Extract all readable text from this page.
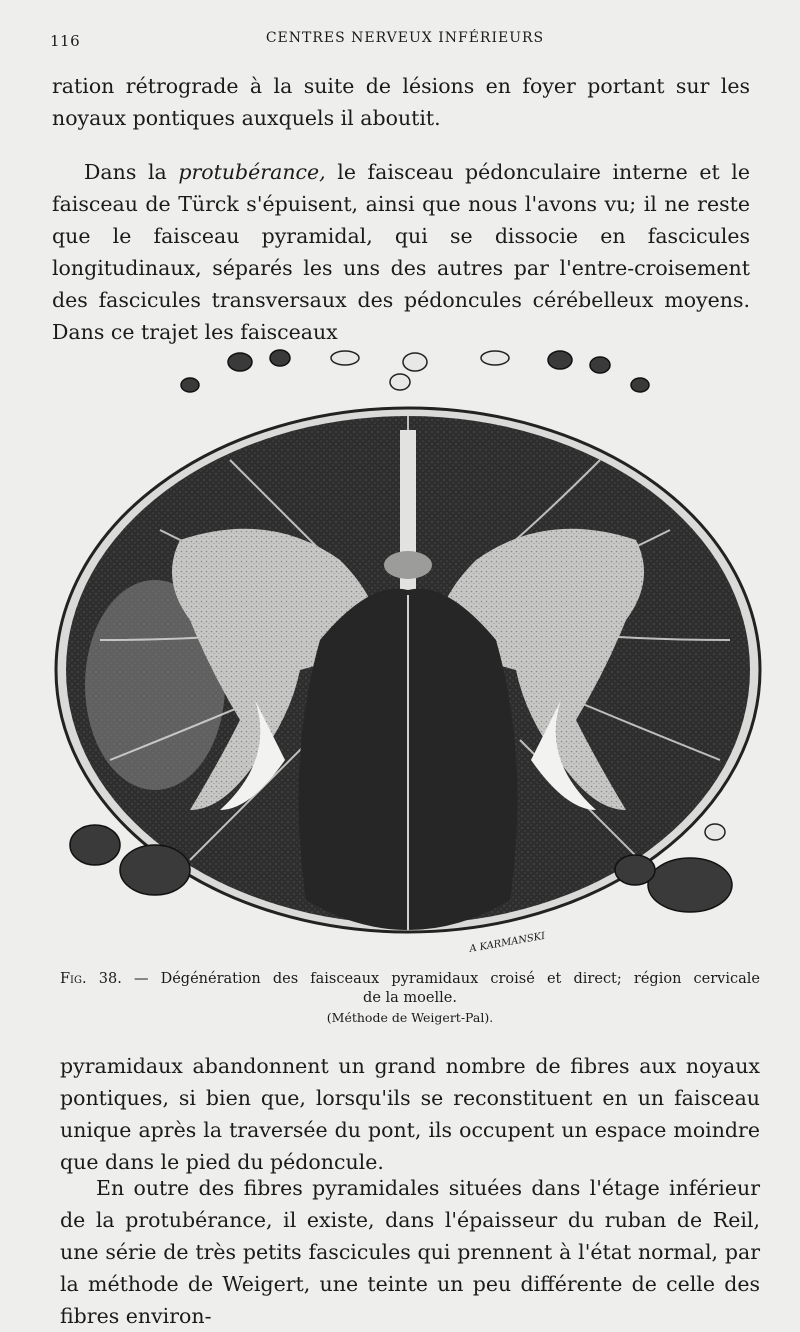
116	CENTRES NERVEUX INFÉRIEURS

ration rétrograde à la suite de lésions en foyer portant sur les noyaux pontiques auxquels il aboutit.

Dans la protubérance, le faisceau pédonculaire interne et le faisceau de Türck s'épuisent, ainsi que nous l'avons vu; il ne reste que le faisceau pyramidal, qui se dissocie en fascicules longitudinaux, séparés les uns des autres par l'entre-croisement des fascicules transversaux des pédoncules cérébelleux moyens. Dans ce trajet les faisceaux

A KARMANSKI
Fig. 38. — Dégénération des faisceaux pyramidaux croisé et direct; région cervicale
de la moelle.
(Méthode de Weigert-Pal).

pyramidaux abandonnent un grand nombre de fibres aux noyaux pontiques, si bien que, lorsqu'ils se reconstituent en un faisceau unique après la traversée du pont, ils occupent un espace moindre que dans le pied du pédoncule.

En outre des fibres pyramidales situées dans l'étage inférieur de la protubérance, il existe, dans l'épaisseur du ruban de Reil, une série de très petits fascicules qui prennent à l'état normal, par la méthode de Weigert, une teinte un peu différente de celle des fibres environ-
